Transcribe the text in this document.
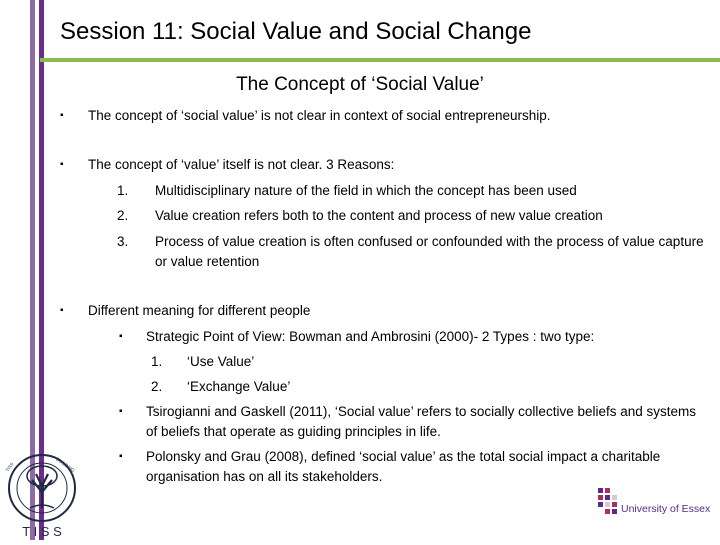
Session 11: Social Value and Social Change
The Concept of ‘Social Value’
▪ The concept of ‘social value’ is not clear in context of social entrepreneurship.
▪ The concept of ‘value’ itself is not clear. 3 Reasons:
1. Multidisciplinary nature of the field in which the concept has been used
2. Value creation refers both to the content and process of new value creation
3. Process of value creation is often confused or confounded with the process of value capture or value retention
▪ Different meaning for different people
▪ Strategic Point of View: Bowman and Ambrosini (2000)- 2 Types : two type:
1. ‘Use Value’
2. ‘Exchange Value’
▪ Tsirogianni and Gaskell (2011), ‘Social value’ refers to socially collective beliefs and systems of beliefs that operate as guiding principles in life.
▪ Polonsky and Grau (2008), defined ‘social value’ as the total social impact a charitable organisation has on all its stakeholders.
BUILDING
TISS
T I S S
University of Essex
